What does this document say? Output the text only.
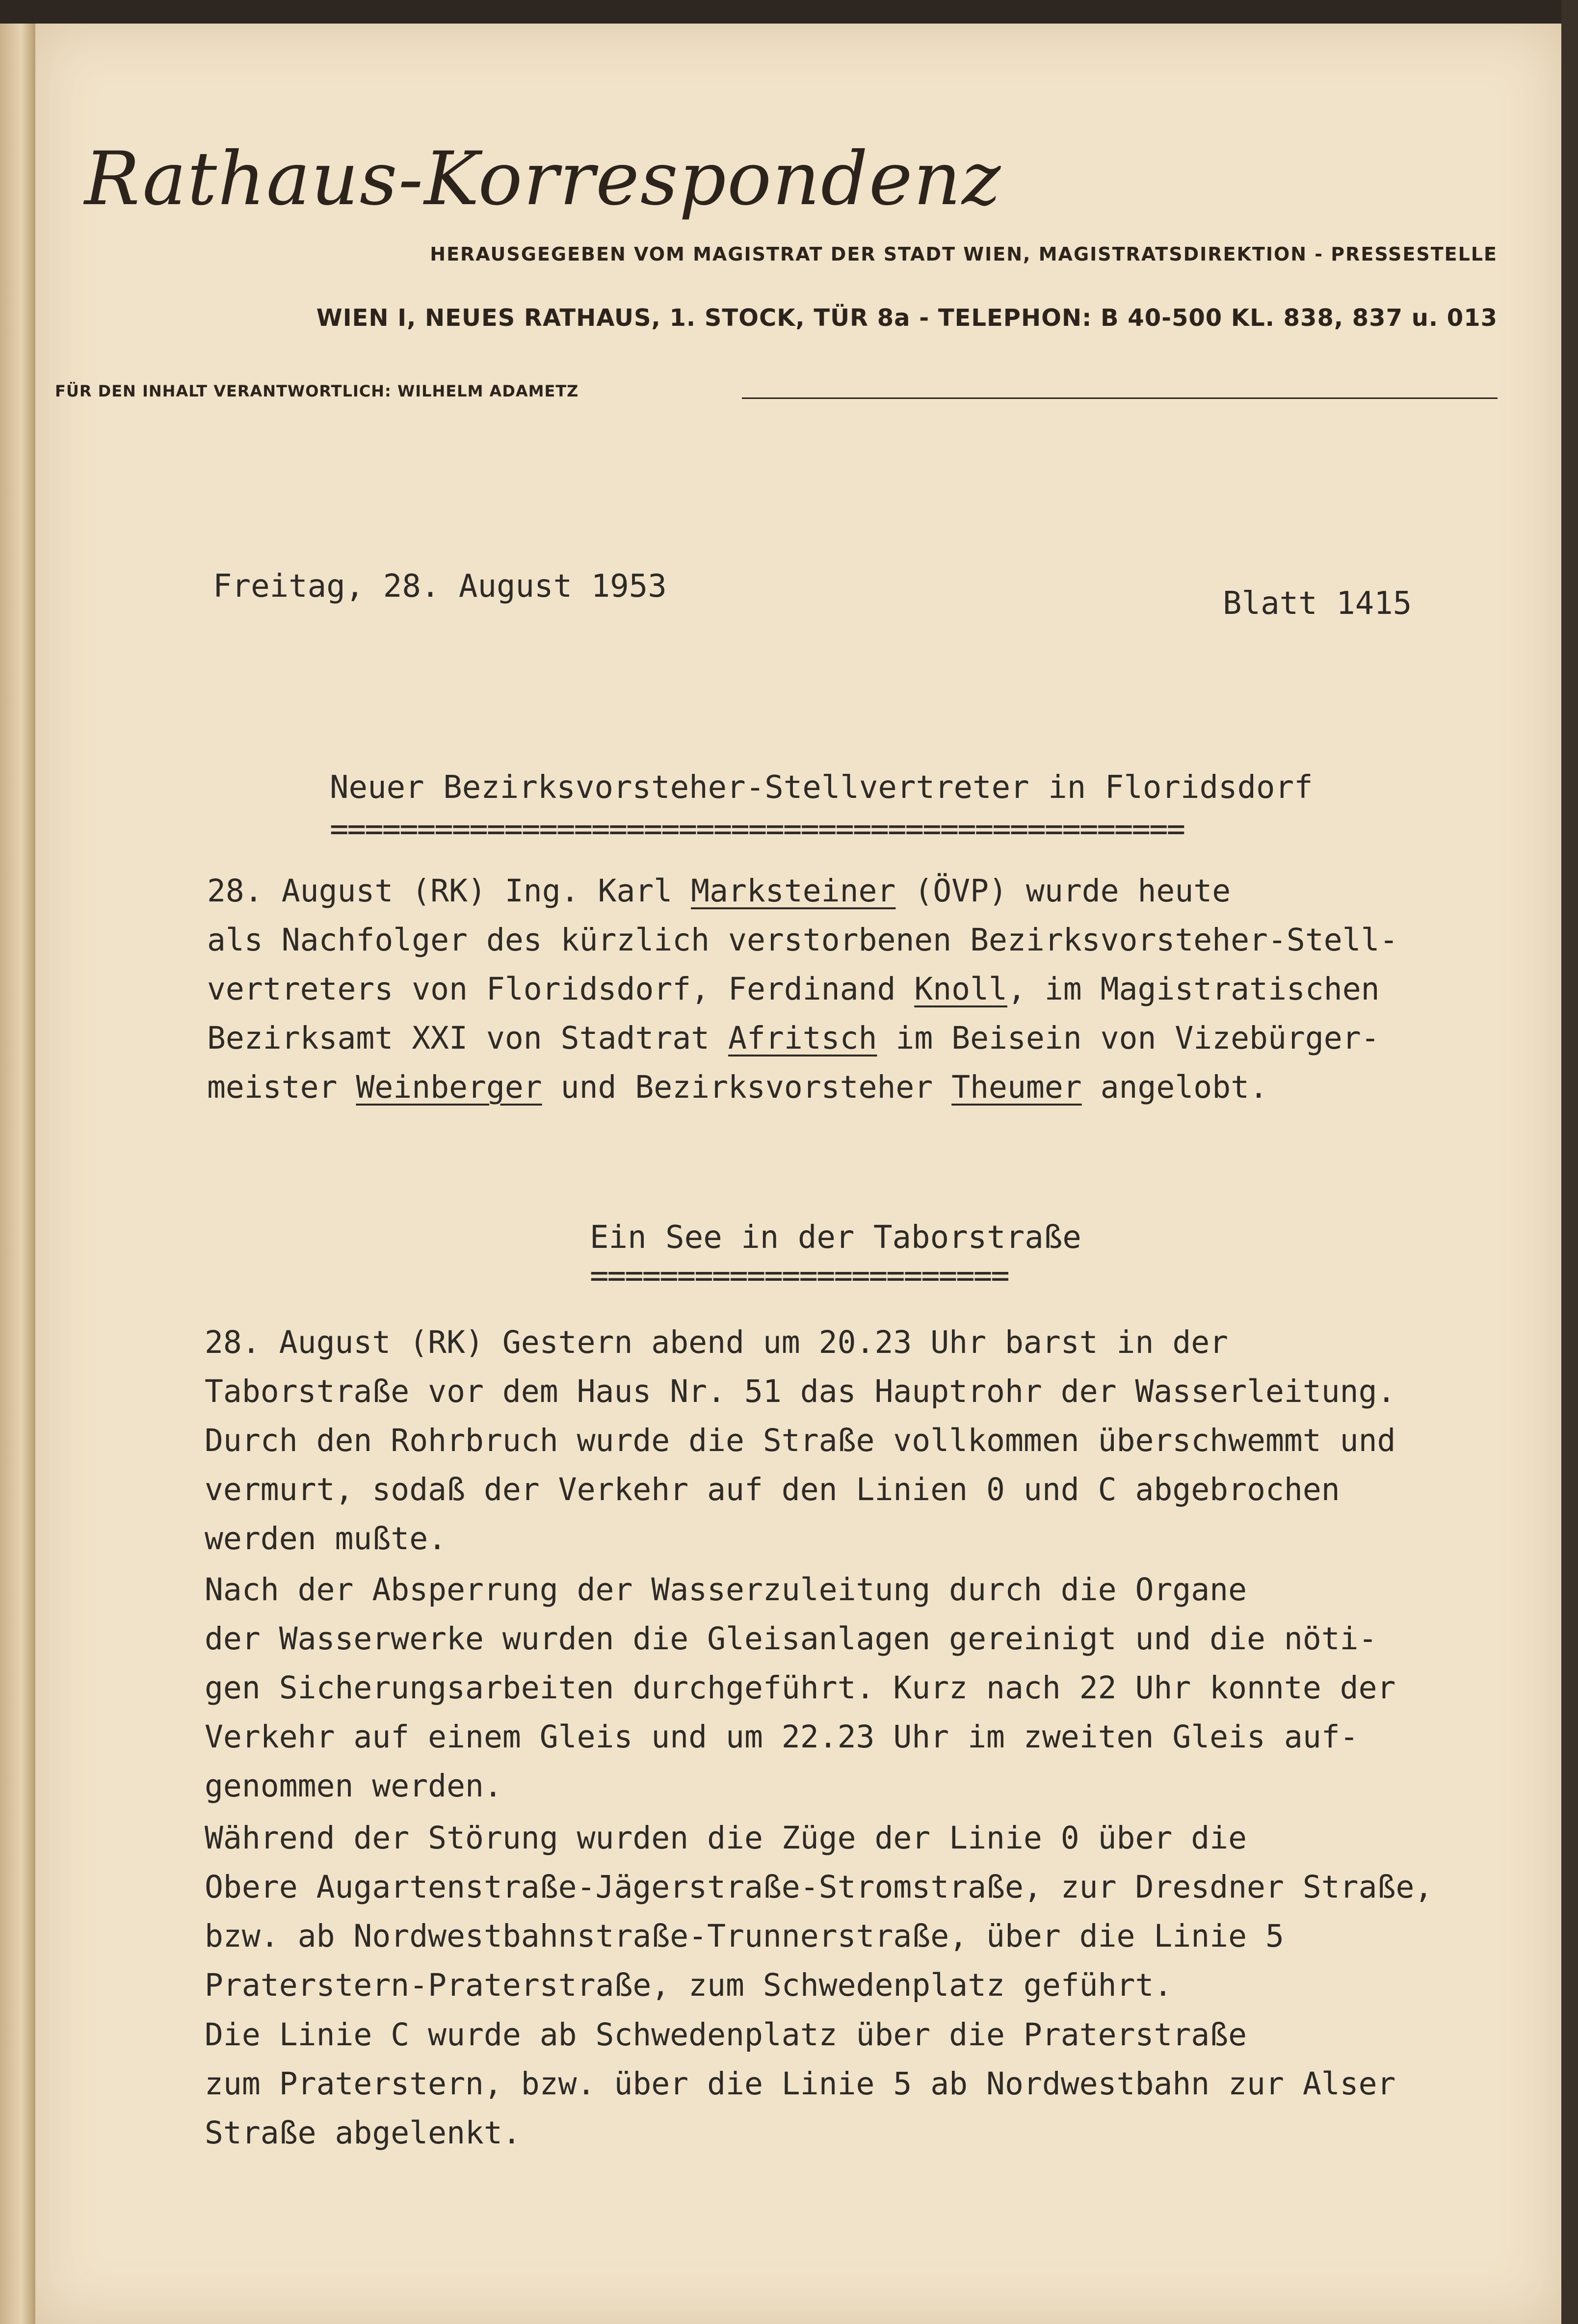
Rathaus-Korrespondenz
HERAUSGEGEBEN VOM MAGISTRAT DER STADT WIEN, MAGISTRATSDIREKTION - PRESSESTELLE
WIEN I, NEUES RATHAUS, 1. STOCK, TÜR 8a - TELEPHON: B 40-500 KL. 838, 837 u. 013
FÜR DEN INHALT VERANTWORTLICH: WILHELM ADAMETZ
Freitag, 28. August 1953	Blatt 1415
Neuer Bezirksvorsteher-Stellvertreter in Floridsdorf
=================================================
28. August (RK) Ing. Karl Marksteiner (ÖVP) wurde heute
als Nachfolger des kürzlich verstorbenen Bezirksvorsteher-Stell-
vertreters von Floridsdorf, Ferdinand Knoll, im Magistratischen
Bezirksamt XXI von Stadtrat Afritsch im Beisein von Vizebürger-
meister Weinberger und Bezirksvorsteher Theumer angelobt.
Ein See in der Taborstraße
========================
28. August (RK) Gestern abend um 20.23 Uhr barst in der
Taborstraße vor dem Haus Nr. 51 das Hauptrohr der Wasserleitung.
Durch den Rohrbruch wurde die Straße vollkommen überschwemmt und
vermurt, sodaß der Verkehr auf den Linien 0 und C abgebrochen
werden mußte.
Nach der Absperrung der Wasserzuleitung durch die Organe
der Wasserwerke wurden die Gleisanlagen gereinigt und die nöti-
gen Sicherungsarbeiten durchgeführt. Kurz nach 22 Uhr konnte der
Verkehr auf einem Gleis und um 22.23 Uhr im zweiten Gleis auf-
genommen werden.
Während der Störung wurden die Züge der Linie 0 über die
Obere Augartenstraße-Jägerstraße-Stromstraße, zur Dresdner Straße,
bzw. ab Nordwestbahnstraße-Trunnerstraße, über die Linie 5
Praterstern-Praterstraße, zum Schwedenplatz geführt.
Die Linie C wurde ab Schwedenplatz über die Praterstraße
zum Praterstern, bzw. über die Linie 5 ab Nordwestbahn zur Alser
Straße abgelenkt.
